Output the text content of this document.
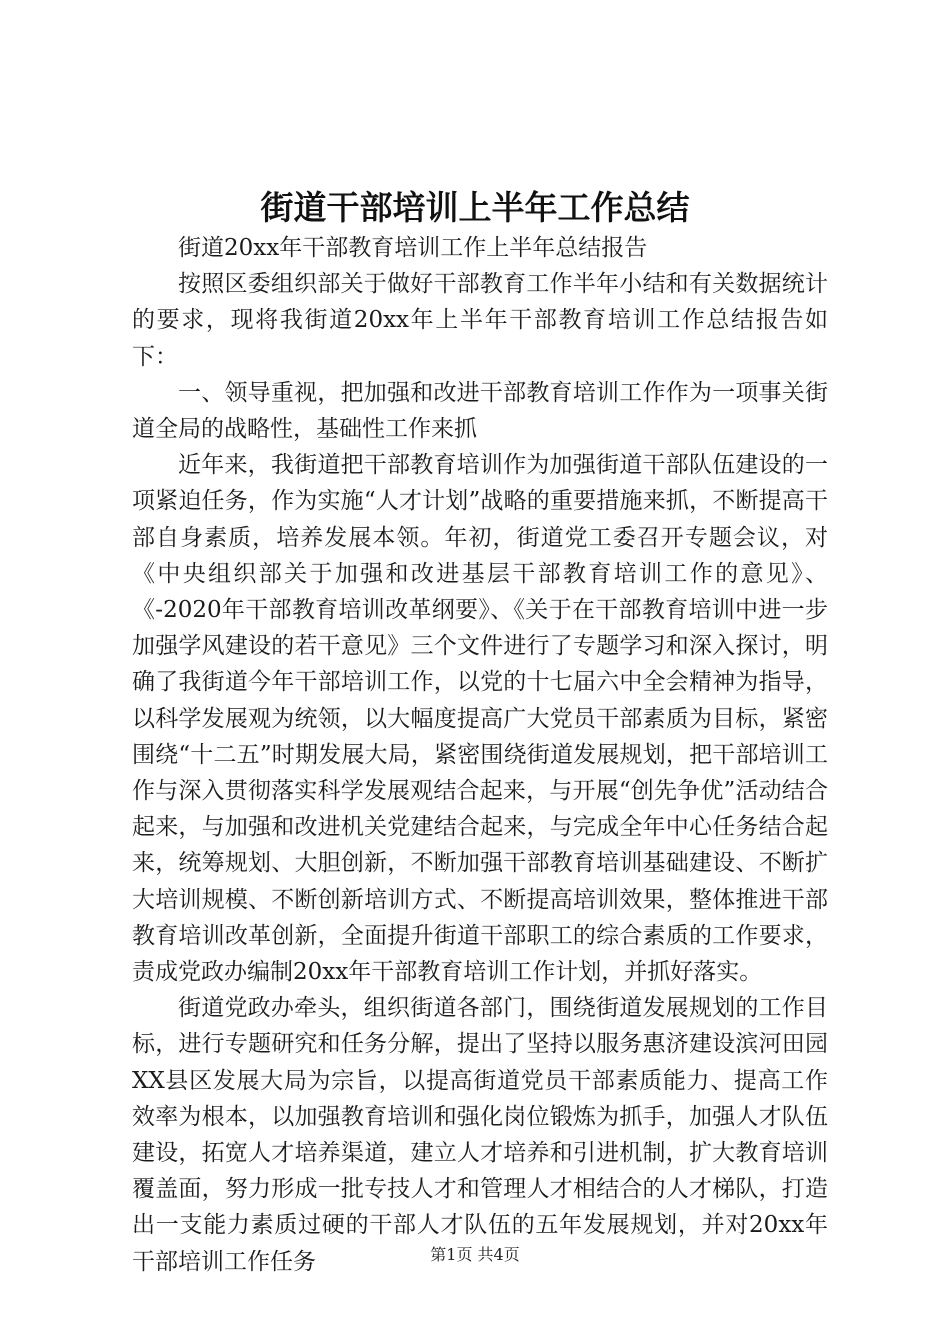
街道干部培训上半年工作总结

街道20xx年干部教育培训工作上半年总结报告

按照区委组织部关于做好干部教育工作半年小结和有关数据统计的要求，现将我街道20xx年上半年干部教育培训工作总结报告如下：

一、领导重视，把加强和改进干部教育培训工作作为一项事关街道全局的战略性，基础性工作来抓

近年来，我街道把干部教育培训作为加强街道干部队伍建设的一项紧迫任务，作为实施“人才计划”战略的重要措施来抓，不断提高干部自身素质，培养发展本领。年初，街道党工委召开专题会议，对《中央组织部关于加强和改进基层干部教育培训工作的意见》、《-2020年干部教育培训改革纲要》、《关于在干部教育培训中进一步加强学风建设的若干意见》三个文件进行了专题学习和深入探讨，明确了我街道今年干部培训工作，以党的十七届六中全会精神为指导，以科学发展观为统领，以大幅度提高广大党员干部素质为目标，紧密围绕“十二五”时期发展大局，紧密围绕街道发展规划，把干部培训工作与深入贯彻落实科学发展观结合起来，与开展“创先争优”活动结合起来，与加强和改进机关党建结合起来，与完成全年中心任务结合起来，统筹规划、大胆创新，不断加强干部教育培训基础建设、不断扩大培训规模、不断创新培训方式、不断提高培训效果，整体推进干部教育培训改革创新，全面提升街道干部职工的综合素质的工作要求，责成党政办编制20xx年干部教育培训工作计划，并抓好落实。

街道党政办牵头，组织街道各部门，围绕街道发展规划的工作目标，进行专题研究和任务分解，提出了坚持以服务惠济建设滨河田园XX县区发展大局为宗旨，以提高街道党员干部素质能力、提高工作效率为根本，以加强教育培训和强化岗位锻炼为抓手，加强人才队伍建设，拓宽人才培养渠道，建立人才培养和引进机制，扩大教育培训覆盖面，努力形成一批专技人才和管理人才相结合的人才梯队，打造出一支能力素质过硬的干部人才队伍的五年发展规划，并对20xx年干部培训工作任务	第1页 共4页
